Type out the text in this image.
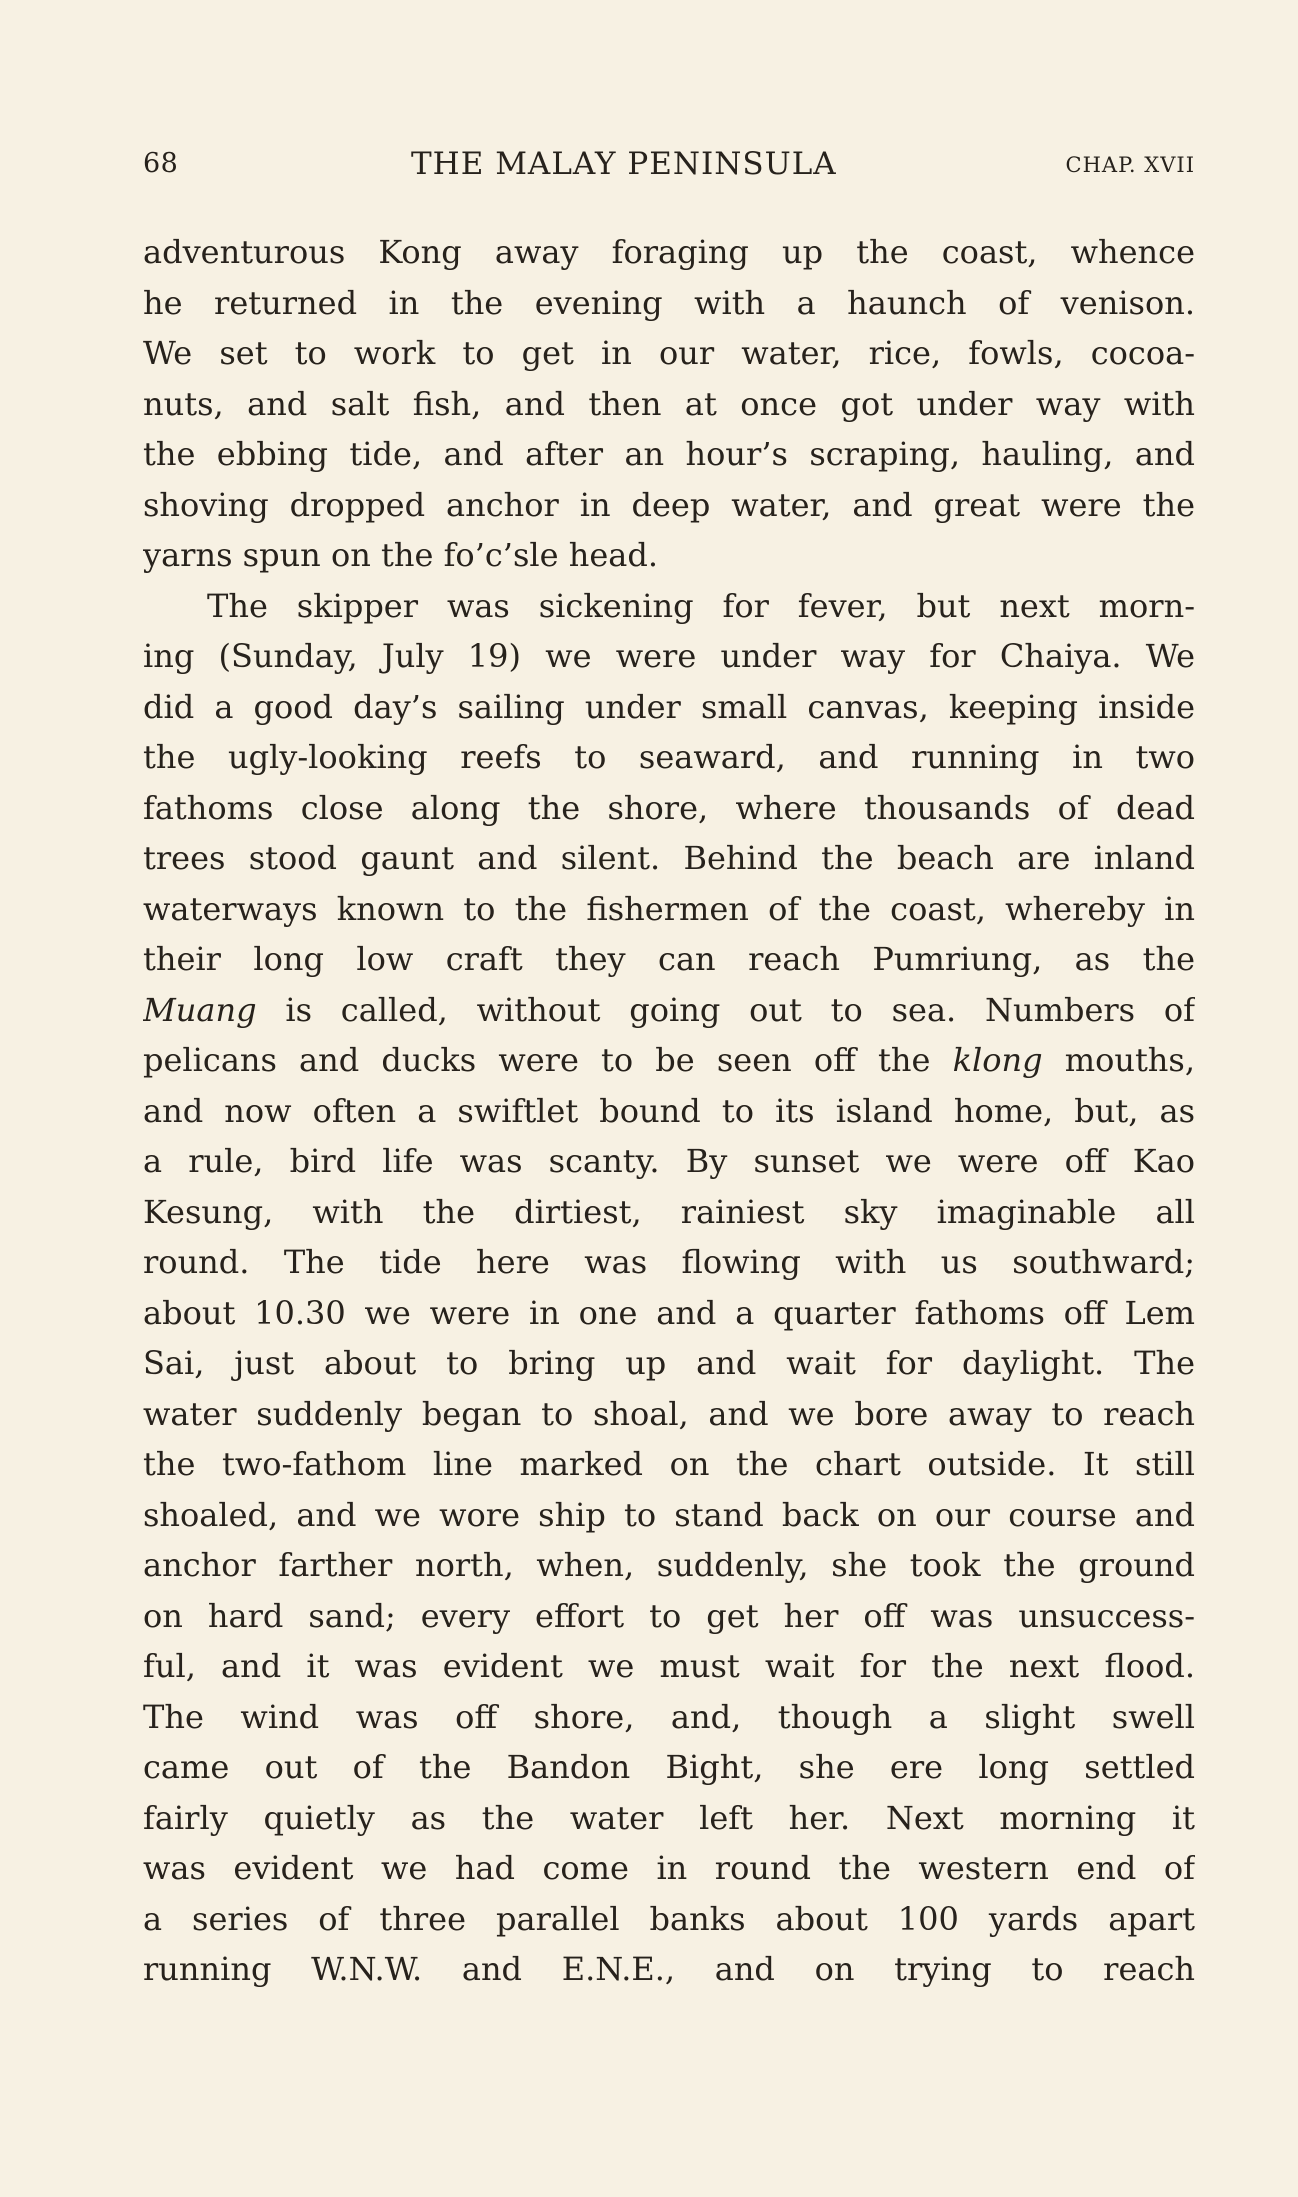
68	THE MALAY PENINSULA	CHAP. XVII
adventurous Kong away foraging up the coast, whence
he returned in the evening with a haunch of venison.
We set to work to get in our water, rice, fowls, cocoa-
nuts, and salt fish, and then at once got under way with
the ebbing tide, and after an hour’s scraping, hauling, and
shoving dropped anchor in deep water, and great were the
yarns spun on the fo’c’sle head.
The skipper was sickening for fever, but next morn-
ing (Sunday, July 19) we were under way for Chaiya. We
did a good day’s sailing under small canvas, keeping inside
the ugly-looking reefs to seaward, and running in two
fathoms close along the shore, where thousands of dead
trees stood gaunt and silent. Behind the beach are inland
waterways known to the fishermen of the coast, whereby in
their long low craft they can reach Pumriung, as the
Muang is called, without going out to sea. Numbers of
pelicans and ducks were to be seen off the klong mouths,
and now often a swiftlet bound to its island home, but, as
a rule, bird life was scanty. By sunset we were off Kao
Kesung, with the dirtiest, rainiest sky imaginable all
round. The tide here was flowing with us southward;
about 10.30 we were in one and a quarter fathoms off Lem
Sai, just about to bring up and wait for daylight. The
water suddenly began to shoal, and we bore away to reach
the two-fathom line marked on the chart outside. It still
shoaled, and we wore ship to stand back on our course and
anchor farther north, when, suddenly, she took the ground
on hard sand; every effort to get her off was unsuccess-
ful, and it was evident we must wait for the next flood.
The wind was off shore, and, though a slight swell
came out of the Bandon Bight, she ere long settled
fairly quietly as the water left her. Next morning it
was evident we had come in round the western end of
a series of three parallel banks about 100 yards apart
running W.N.W. and E.N.E., and on trying to reach
